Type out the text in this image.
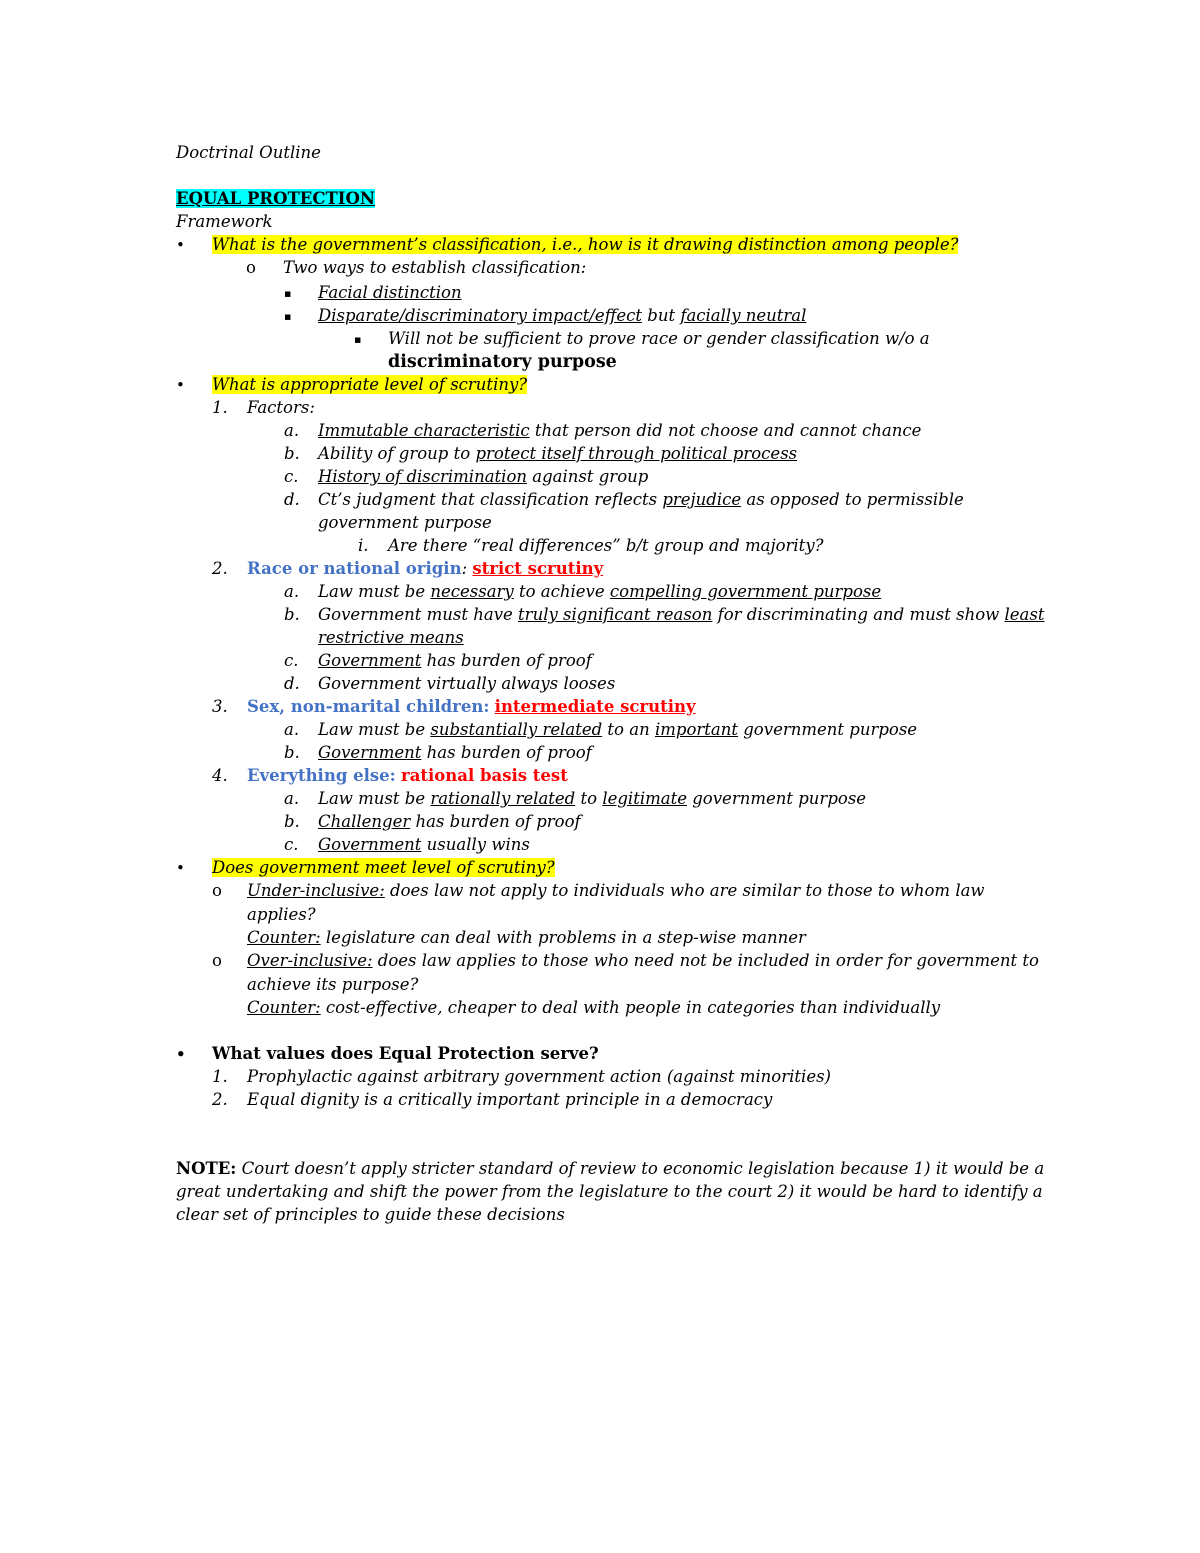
Doctrinal Outline
EQUAL PROTECTION
Framework
• What is the government’s classification, i.e., how is it drawing distinction among people?
o Two ways to establish classification:
▪ Facial distinction
▪ Disparate/discriminatory impact/effect but facially neutral
▪ Will not be sufficient to prove race or gender classification w/o a
discriminatory purpose
• What is appropriate level of scrutiny?
1. Factors:
a. Immutable characteristic that person did not choose and cannot chance
b. Ability of group to protect itself through political process
c. History of discrimination against group
d. Ct’s judgment that classification reflects prejudice as opposed to permissible
government purpose
i. Are there “real differences” b/t group and majority?
2. Race or national origin: strict scrutiny
a. Law must be necessary to achieve compelling government purpose
b. Government must have truly significant reason for discriminating and must show least
restrictive means
c. Government has burden of proof
d. Government virtually always looses
3. Sex, non-marital children: intermediate scrutiny
a. Law must be substantially related to an important government purpose
b. Government has burden of proof
4. Everything else: rational basis test
a. Law must be rationally related to legitimate government purpose
b. Challenger has burden of proof
c. Government usually wins
• Does government meet level of scrutiny?
o Under-inclusive: does law not apply to individuals who are similar to those to whom law
applies?
Counter: legislature can deal with problems in a step-wise manner
o Over-inclusive: does law applies to those who need not be included in order for government to
achieve its purpose?
Counter: cost-effective, cheaper to deal with people in categories than individually
• What values does Equal Protection serve?
1. Prophylactic against arbitrary government action (against minorities)
2. Equal dignity is a critically important principle in a democracy
NOTE: Court doesn’t apply stricter standard of review to economic legislation because 1) it would be a
great undertaking and shift the power from the legislature to the court 2) it would be hard to identify a
clear set of principles to guide these decisions
